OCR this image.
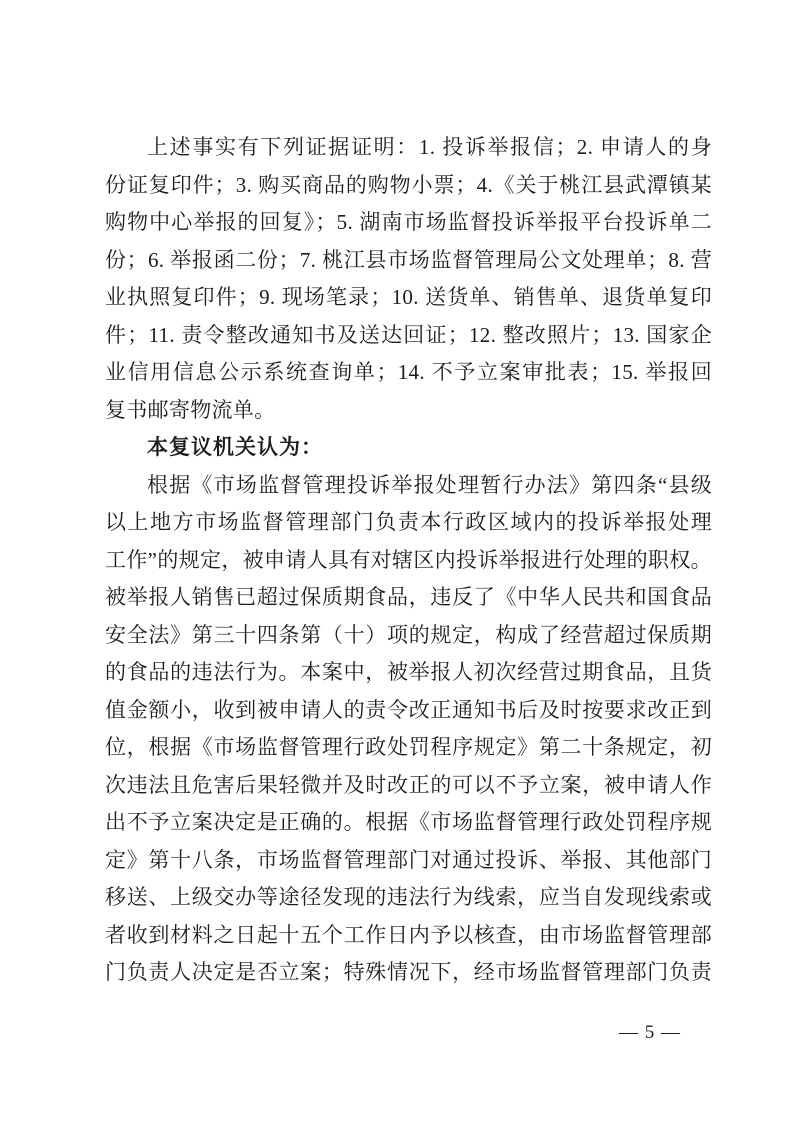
上述事实有下列证据证明：1. 投诉举报信；2. 申请人的身
份证复印件；3. 购买商品的购物小票；4.《关于桃江县武潭镇某
购物中心举报的回复》；5. 湖南市场监督投诉举报平台投诉单二
份；6. 举报函二份；7. 桃江县市场监督管理局公文处理单；8. 营
业执照复印件；9. 现场笔录；10. 送货单、销售单、退货单复印
件；11. 责令整改通知书及送达回证；12. 整改照片；13. 国家企
业信用信息公示系统查询单；14. 不予立案审批表；15. 举报回
复书邮寄物流单。
本复议机关认为：
根据《市场监督管理投诉举报处理暂行办法》第四条“县级
以上地方市场监督管理部门负责本行政区域内的投诉举报处理
工作”的规定，被申请人具有对辖区内投诉举报进行处理的职权。
被举报人销售已超过保质期食品，违反了《中华人民共和国食品
安全法》第三十四条第（十）项的规定，构成了经营超过保质期
的食品的违法行为。本案中，被举报人初次经营过期食品，且货
值金额小，收到被申请人的责令改正通知书后及时按要求改正到
位，根据《市场监督管理行政处罚程序规定》第二十条规定，初
次违法且危害后果轻微并及时改正的可以不予立案，被申请人作
出不予立案决定是正确的。根据《市场监督管理行政处罚程序规
定》第十八条，市场监督管理部门对通过投诉、举报、其他部门
移送、上级交办等途径发现的违法行为线索，应当自发现线索或
者收到材料之日起十五个工作日内予以核查，由市场监督管理部
门负责人决定是否立案；特殊情况下，经市场监督管理部门负责
— 5 —
